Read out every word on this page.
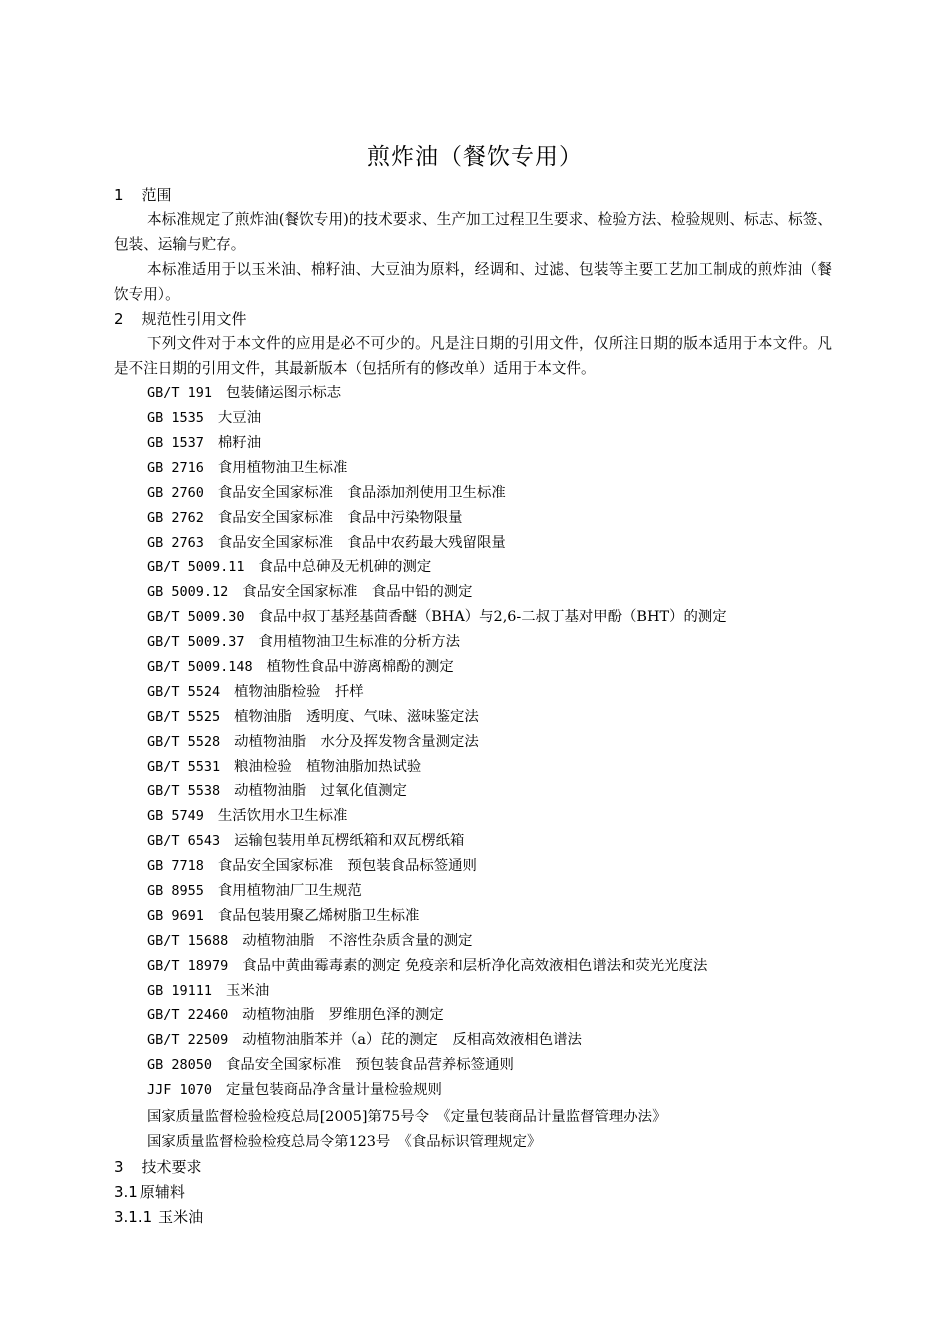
煎炸油（餐饮专用）
1 范围
本标准规定了煎炸油(餐饮专用)的技术要求、生产加工过程卫生要求、检验方法、检验规则、标志、标签、包装、运输与贮存。
本标准适用于以玉米油、棉籽油、大豆油为原料，经调和、过滤、包装等主要工艺加工制成的煎炸油（餐饮专用）。
2 规范性引用文件
下列文件对于本文件的应用是必不可少的。凡是注日期的引用文件，仅所注日期的版本适用于本文件。凡是不注日期的引用文件，其最新版本（包括所有的修改单）适用于本文件。
GB/T 191 包装储运图示标志
GB 1535 大豆油
GB 1537 棉籽油
GB 2716 食用植物油卫生标准
GB 2760 食品安全国家标准　食品添加剂使用卫生标准
GB 2762 食品安全国家标准　食品中污染物限量
GB 2763 食品安全国家标准　食品中农药最大残留限量
GB/T 5009.11 食品中总砷及无机砷的测定
GB 5009.12 食品安全国家标准　食品中铅的测定
GB/T 5009.30 食品中叔丁基羟基茴香醚（BHA）与2,6-二叔丁基对甲酚（BHT）的测定
GB/T 5009.37 食用植物油卫生标准的分析方法
GB/T 5009.148 植物性食品中游离棉酚的测定
GB/T 5524 植物油脂检验　扦样
GB/T 5525 植物油脂　透明度、气味、滋味鉴定法
GB/T 5528 动植物油脂　水分及挥发物含量测定法
GB/T 5531 粮油检验　植物油脂加热试验
GB/T 5538 动植物油脂　过氧化值测定
GB 5749 生活饮用水卫生标准
GB/T 6543 运输包装用单瓦楞纸箱和双瓦楞纸箱
GB 7718 食品安全国家标准　预包装食品标签通则
GB 8955 食用植物油厂卫生规范
GB 9691 食品包装用聚乙烯树脂卫生标准
GB/T 15688 动植物油脂　不溶性杂质含量的测定
GB/T 18979 食品中黄曲霉毒素的测定 免疫亲和层析净化高效液相色谱法和荧光光度法
GB 19111 玉米油
GB/T 22460 动植物油脂　罗维朋色泽的测定
GB/T 22509 动植物油脂苯并（a）芘的测定　反相高效液相色谱法
GB 28050 食品安全国家标准　预包装食品营养标签通则
JJF 1070 定量包装商品净含量计量检验规则
国家质量监督检验检疫总局[2005]第75号令　《定量包装商品计量监督管理办法》
国家质量监督检验检疫总局令第123号　《食品标识管理规定》
3 技术要求
3.1 原辅料
3.1.1 玉米油
